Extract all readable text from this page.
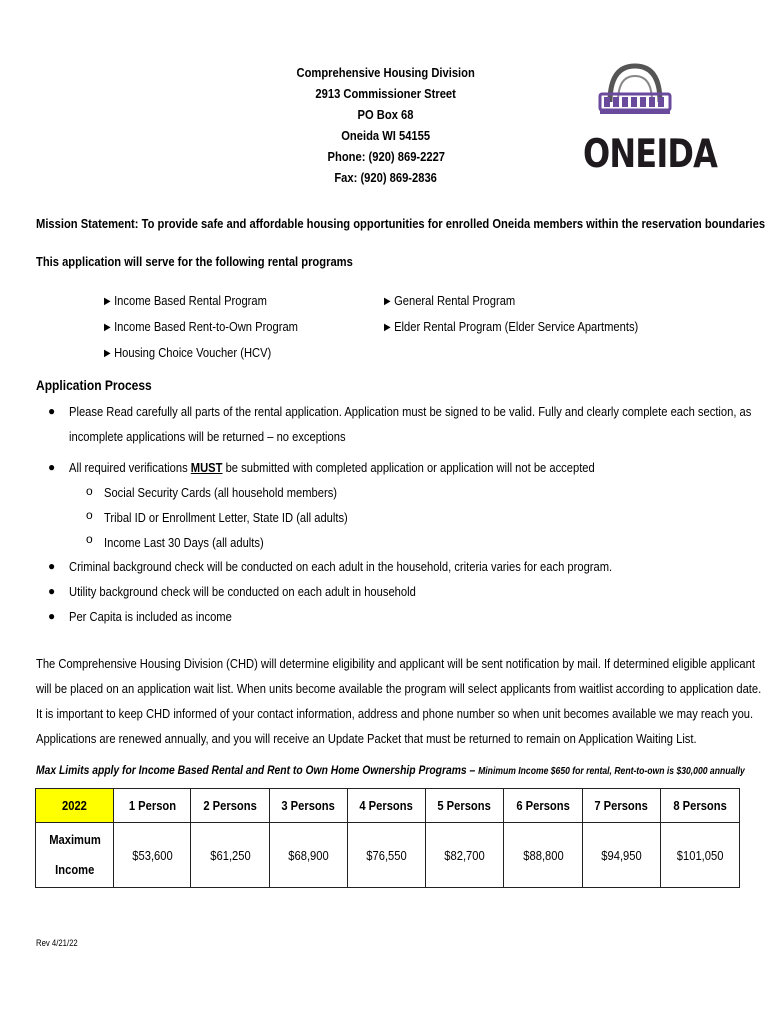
Comprehensive Housing Division
2913 Commissioner Street
PO Box 68
Oneida WI 54155
Phone: (920) 869-2227
Fax: (920) 869-2836
ONEIDA
Mission Statement: To provide safe and affordable housing opportunities for enrolled Oneida members within the reservation boundaries
This application will serve for the following rental programs
▶ Income Based Rental Program
▶ Income Based Rent-to-Own Program
▶ Housing Choice Voucher (HCV)
▶ General Rental Program
▶ Elder Rental Program (Elder Service Apartments)
Application Process
● Please Read carefully all parts of the rental application. Application must be signed to be valid. Fully and clearly complete each section, as
incomplete applications will be returned – no exceptions
● All required verifications MUST be submitted with completed application or application will not be accepted
o
o
o
Social Security Cards (all household members)
Tribal ID or Enrollment Letter, State ID (all adults)
Income Last 30 Days (all adults)
●
●
●
Criminal background check will be conducted on each adult in the household, criteria varies for each program.
Utility background check will be conducted on each adult in household
Per Capita is included as income
The Comprehensive Housing Division (CHD) will determine eligibility and applicant will be sent notification by mail. If determined eligible applicant
will be placed on an application wait list. When units become available the program will select applicants from waitlist according to application date.
It is important to keep CHD informed of your contact information, address and phone number so when unit becomes available we may reach you.
Applications are renewed annually, and you will receive an Update Packet that must be returned to remain on Application Waiting List.
Max Limits apply for Income Based Rental and Rent to Own Home Ownership Programs – Minimum Income $650 for rental, Rent-to-own is $30,000 annually
2022	1 Person	2 Persons	3 Persons	4 Persons	5 Persons	6 Persons	7 Persons	8 Persons

Maximum
Income	$53,600	$61,250	$68,900	$76,550	$82,700	$88,800	$94,950	$101,050
Rev 4/21/22
